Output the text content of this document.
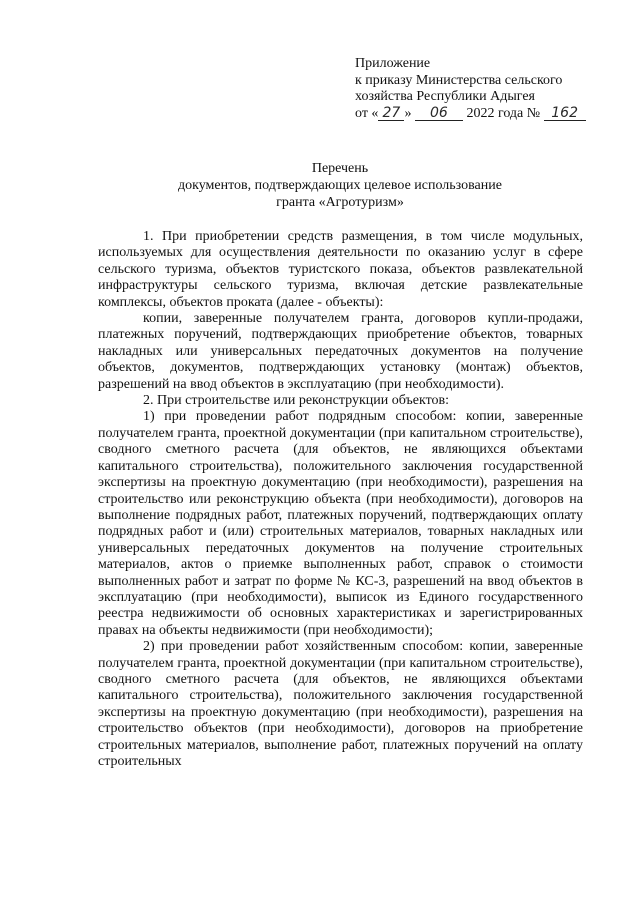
Приложение
к приказу Министерства сельского
хозяйства Республики Адыгея
от « 27 » 06 2022 года № 162
Перечень
документов, подтверждающих целевое использование
гранта «Агротуризм»

1. При приобретении средств размещения, в том числе модульных, используемых для осуществления деятельности по оказанию услуг в сфере сельского туризма, объектов туристского показа, объектов развлекательной инфраструктуры сельского туризма, включая детские развлекательные комплексы, объектов проката (далее - объекты):

копии, заверенные получателем гранта, договоров купли-продажи, платежных поручений, подтверждающих приобретение объектов, товарных накладных или универсальных передаточных документов на получение объектов, документов, подтверждающих установку (монтаж) объектов, разрешений на ввод объектов в эксплуатацию (при необходимости).

2. При строительстве или реконструкции объектов:

1) при проведении работ подрядным способом: копии, заверенные получателем гранта, проектной документации (при капитальном строительстве), сводного сметного расчета (для объектов, не являющихся объектами капитального строительства), положительного заключения государственной экспертизы на проектную документацию (при необходимости), разрешения на строительство или реконструкцию объекта (при необходимости), договоров на выполнение подрядных работ, платежных поручений, подтверждающих оплату подрядных работ и (или) строительных материалов, товарных накладных или универсальных передаточных документов на получение строительных материалов, актов о приемке выполненных работ, справок о стоимости выполненных работ и затрат по форме № КС-3, разрешений на ввод объектов в эксплуатацию (при необходимости), выписок из Единого государственного реестра недвижимости об основных характеристиках и зарегистрированных правах на объекты недвижимости (при необходимости);

2) при проведении работ хозяйственным способом: копии, заверенные получателем гранта, проектной документации (при капитальном строительстве), сводного сметного расчета (для объектов, не являющихся объектами капитального строительства), положительного заключения государственной экспертизы на проектную документацию (при необходимости), разрешения на строительство объектов (при необходимости), договоров на приобретение строительных материалов, выполнение работ, платежных поручений на оплату строительных
